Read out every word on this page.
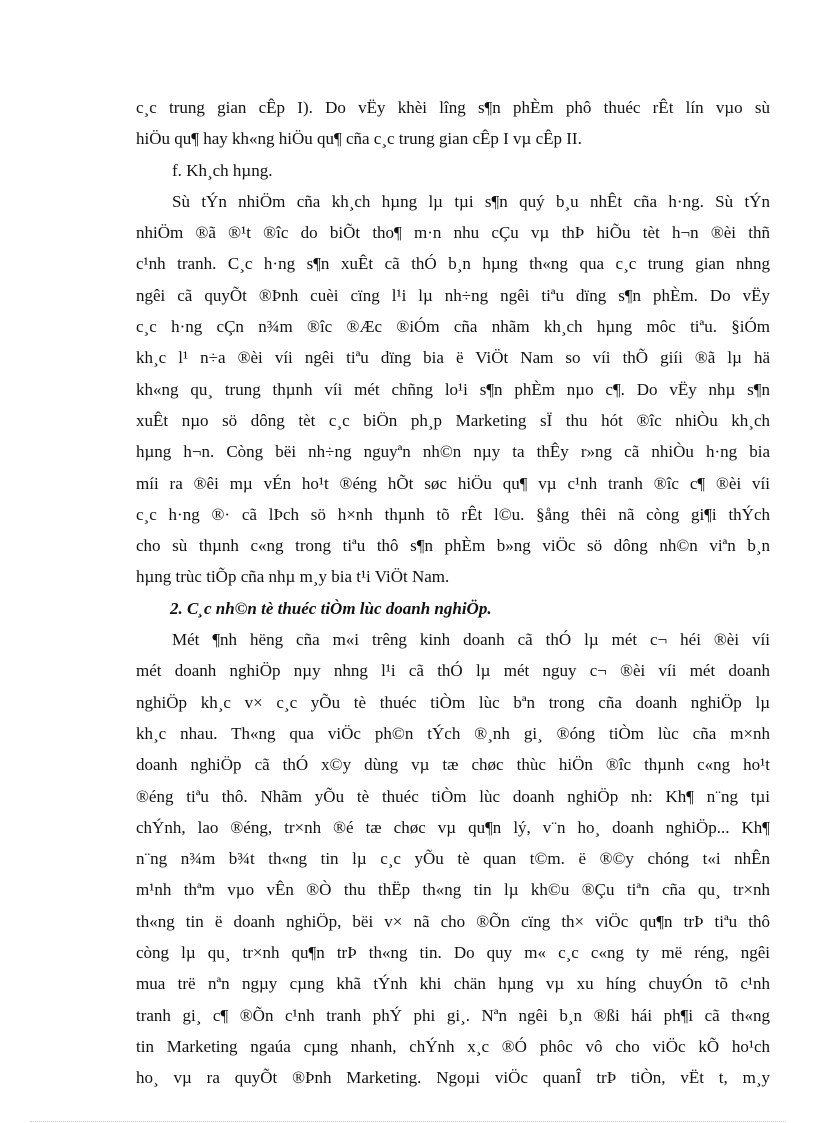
c¸c trung gian cÊp I). Do vËy khèi lîng s¶n phÈm phô thuéc rÊt lín vµo sù
hiÖu qu¶ hay kh«ng hiÖu qu¶ cña c¸c trung gian cÊp I vµ cÊp II.
f. Kh¸ch hµng.
Sù tÝn nhiÖm cña kh¸ch hµng lµ tµi s¶n quý b¸u nhÊt cña h·ng. Sù tÝn
nhiÖm ®ã ®¹t ®îc do biÕt tho¶ m·n nhu cÇu vµ thÞ hiÕu tèt h¬n ®èi thñ
c¹nh tranh. C¸c h·ng s¶n xuÊt cã thÓ b¸n hµng th«ng qua c¸c trung gian nhng
ngêi cã quyÕt ®Þnh cuèi cïng l¹i lµ nh÷ng ngêi tiªu dïng s¶n phÈm. Do vËy
c¸c h·ng cÇn n¾m ®îc ®Æc ®iÓm cña nhãm kh¸ch hµng môc tiªu. §iÓm
kh¸c l¹ n÷a ®èi víi ngêi tiªu dïng bia ë ViÖt Nam so víi thÕ giíi ®ã lµ hä
kh«ng qu¸ trung thµnh víi mét chñng lo¹i s¶n phÈm nµo c¶. Do vËy nhµ s¶n
xuÊt nµo sö dông tèt c¸c biÖn ph¸p Marketing sÏ thu hót ®îc nhiÒu kh¸ch
hµng h¬n. Còng bëi nh÷ng nguyªn nh©n nµy ta thÊy r»ng cã nhiÒu h·ng bia
míi ra ®êi mµ vÉn ho¹t ®éng hÕt søc hiÖu qu¶ vµ c¹nh tranh ®îc c¶ ®èi víi
c¸c h·ng ®· cã lÞch sö h×nh thµnh tõ rÊt l©u. §ång thêi nã còng gi¶i thÝch
cho sù thµnh c«ng trong tiªu thô s¶n phÈm b»ng viÖc sö dông nh©n viªn b¸n
hµng trùc tiÕp cña nhµ m¸y bia t¹i ViÖt Nam.
2. C¸c nh©n tè thuéc tiÒm lùc doanh nghiÖp.
Mét ¶nh hëng cña m«i trêng kinh doanh cã thÓ lµ mét c¬ héi ®èi víi
mét doanh nghiÖp nµy nhng l¹i cã thÓ lµ mét nguy c¬ ®èi víi mét doanh
nghiÖp kh¸c v× c¸c yÕu tè thuéc tiÒm lùc bªn trong cña doanh nghiÖp lµ
kh¸c nhau. Th«ng qua viÖc ph©n tÝch ®¸nh gi¸ ®óng tiÒm lùc cña m×nh
doanh nghiÖp cã thÓ x©y dùng vµ tæ chøc thùc hiÖn ®îc thµnh c«ng ho¹t
®éng tiªu thô. Nhãm yÕu tè thuéc tiÒm lùc doanh nghiÖp nh: Kh¶ n¨ng tµi
chÝnh, lao ®éng, tr×nh ®é tæ chøc vµ qu¶n lý, v¨n ho¸ doanh nghiÖp... Kh¶
n¨ng n¾m b¾t th«ng tin lµ c¸c yÕu tè quan t©m. ë ®©y chóng t«i nhÊn
m¹nh thªm vµo vÊn ®Ò thu thËp th«ng tin lµ kh©u ®Çu tiªn cña qu¸ tr×nh
th«ng tin ë doanh nghiÖp, bëi v× nã cho ®Õn cïng th× viÖc qu¶n trÞ tiªu thô
còng lµ qu¸ tr×nh qu¶n trÞ th«ng tin. Do quy m« c¸c c«ng ty më réng, ngêi
mua trë nªn ngµy cµng khã tÝnh khi chän hµng vµ xu híng chuyÓn tõ c¹nh
tranh gi¸ c¶ ®Õn c¹nh tranh phÝ phi gi¸. Nªn ngêi b¸n ®ßi hái ph¶i cã th«ng
tin Marketing ngaúa cµng nhanh, chÝnh x¸c ®Ó phôc vô cho viÖc kÕ ho¹ch
ho¸ vµ ra quyÕt ®Þnh Marketing. Ngoµi viÖc quanÎ trÞ tiÒn, vËt t, m¸y
